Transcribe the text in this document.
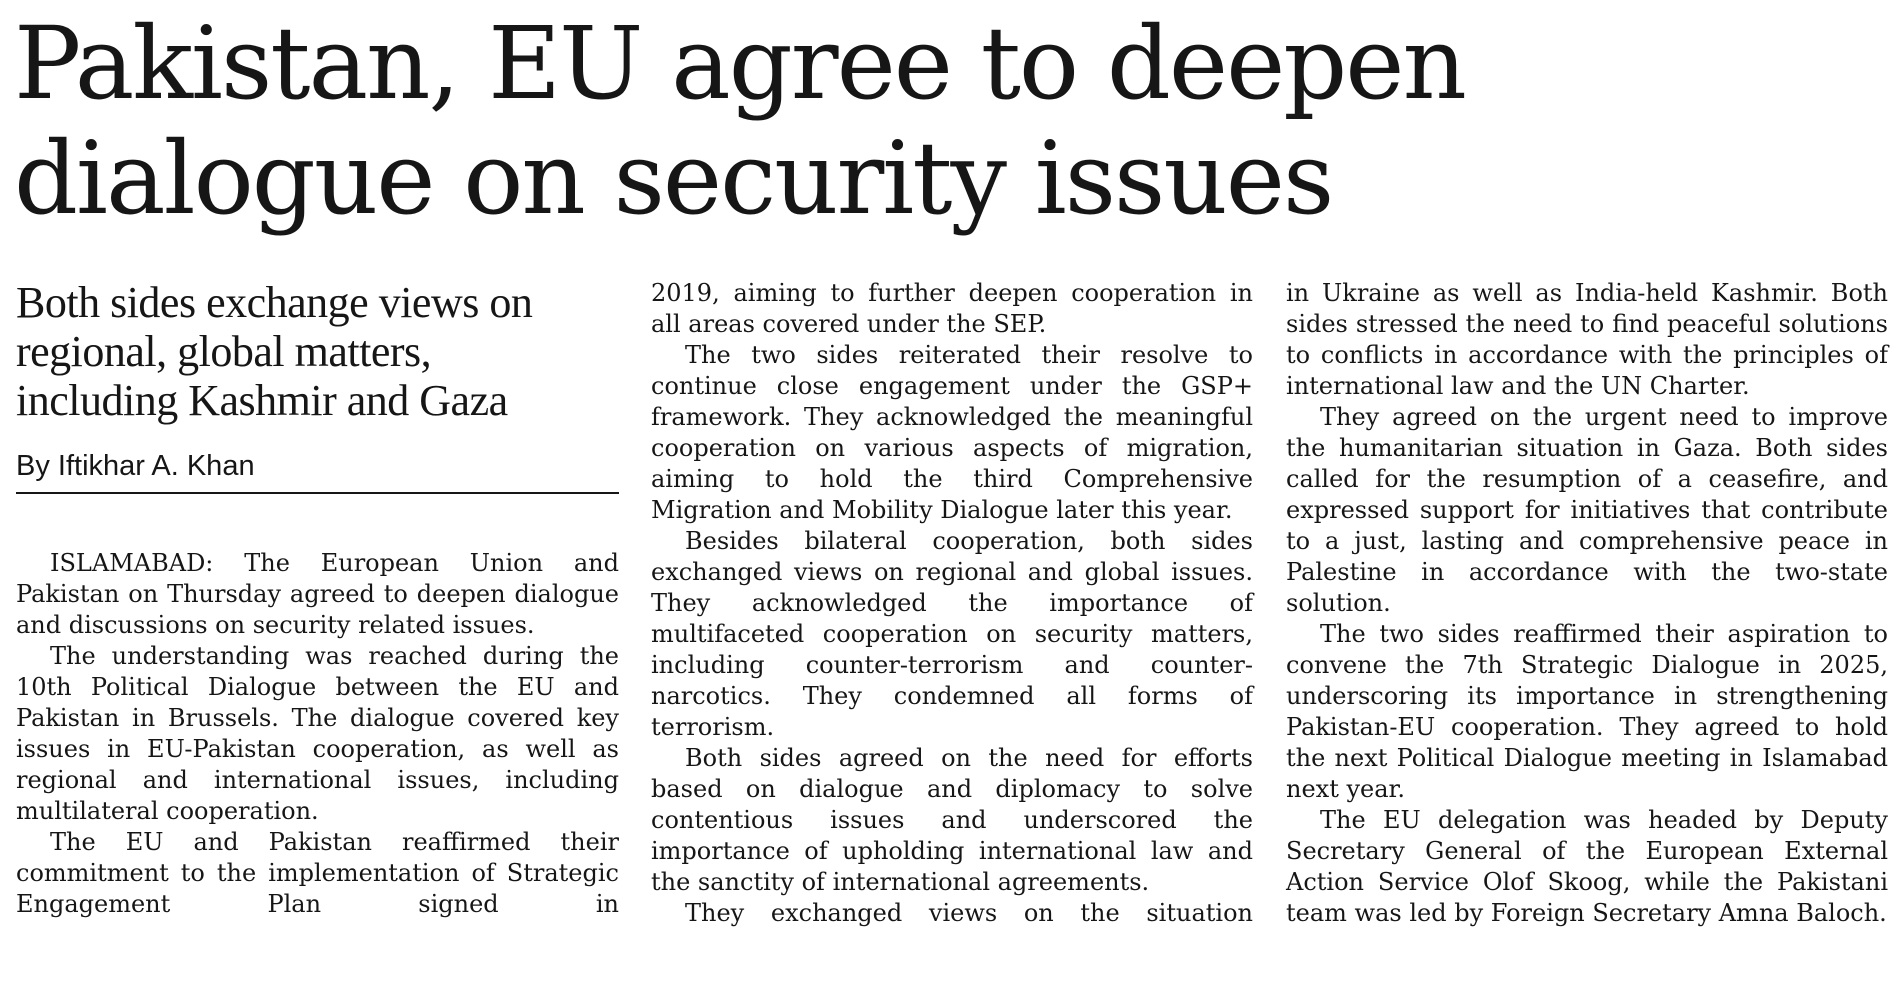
Pakistan, EU agree to deepen
dialogue on security issues
Both sides exchange views on
regional, global matters,
including Kashmir and Gaza
By Iftikhar A. Khan

ISLAMABAD: The European Union and Pakistan on Thursday agreed to deepen dialogue and discussions on security related issues.

The understanding was reached during the 10th Political Dialogue between the EU and Pakistan in Brussels. The dialogue covered key issues in EU-Pakistan cooperation, as well as regional and international issues, including multilateral cooperation.

The EU and Pakistan reaffirmed their commitment to the implementation of Strategic Engagement Plan signed in

2019, aiming to further deepen cooperation in all areas covered under the SEP.

The two sides reiterated their resolve to continue close engagement under the GSP+ framework. They acknowledged the meaningful cooperation on various aspects of migration, aiming to hold the third Comprehensive Migration and Mobility Dialogue later this year.

Besides bilateral cooperation, both sides exchanged views on regional and global issues. They acknowledged the importance of multifaceted cooperation on security matters, including counter-terrorism and counter-narcotics. They condemned all forms of terrorism.

Both sides agreed on the need for efforts based on dialogue and diplomacy to solve contentious issues and underscored the importance of upholding international law and the sanctity of international agreements.

They exchanged views on the situation

in Ukraine as well as India-held Kashmir. Both sides stressed the need to find peaceful solutions to conflicts in accordance with the principles of international law and the UN Charter.

They agreed on the urgent need to improve the humanitarian situation in Gaza. Both sides called for the resumption of a ceasefire, and expressed support for initiatives that contribute to a just, lasting and comprehensive peace in Palestine in accordance with the two-state solution.

The two sides reaffirmed their aspiration to convene the 7th Strategic Dialogue in 2025, underscoring its importance in strengthening Pakistan-EU cooperation. They agreed to hold the next Political Dialogue meeting in Islamabad next year.

The EU delegation was headed by Deputy Secretary General of the European External Action Service Olof Skoog, while the Pakistani team was led by Foreign Secretary Amna Baloch.
